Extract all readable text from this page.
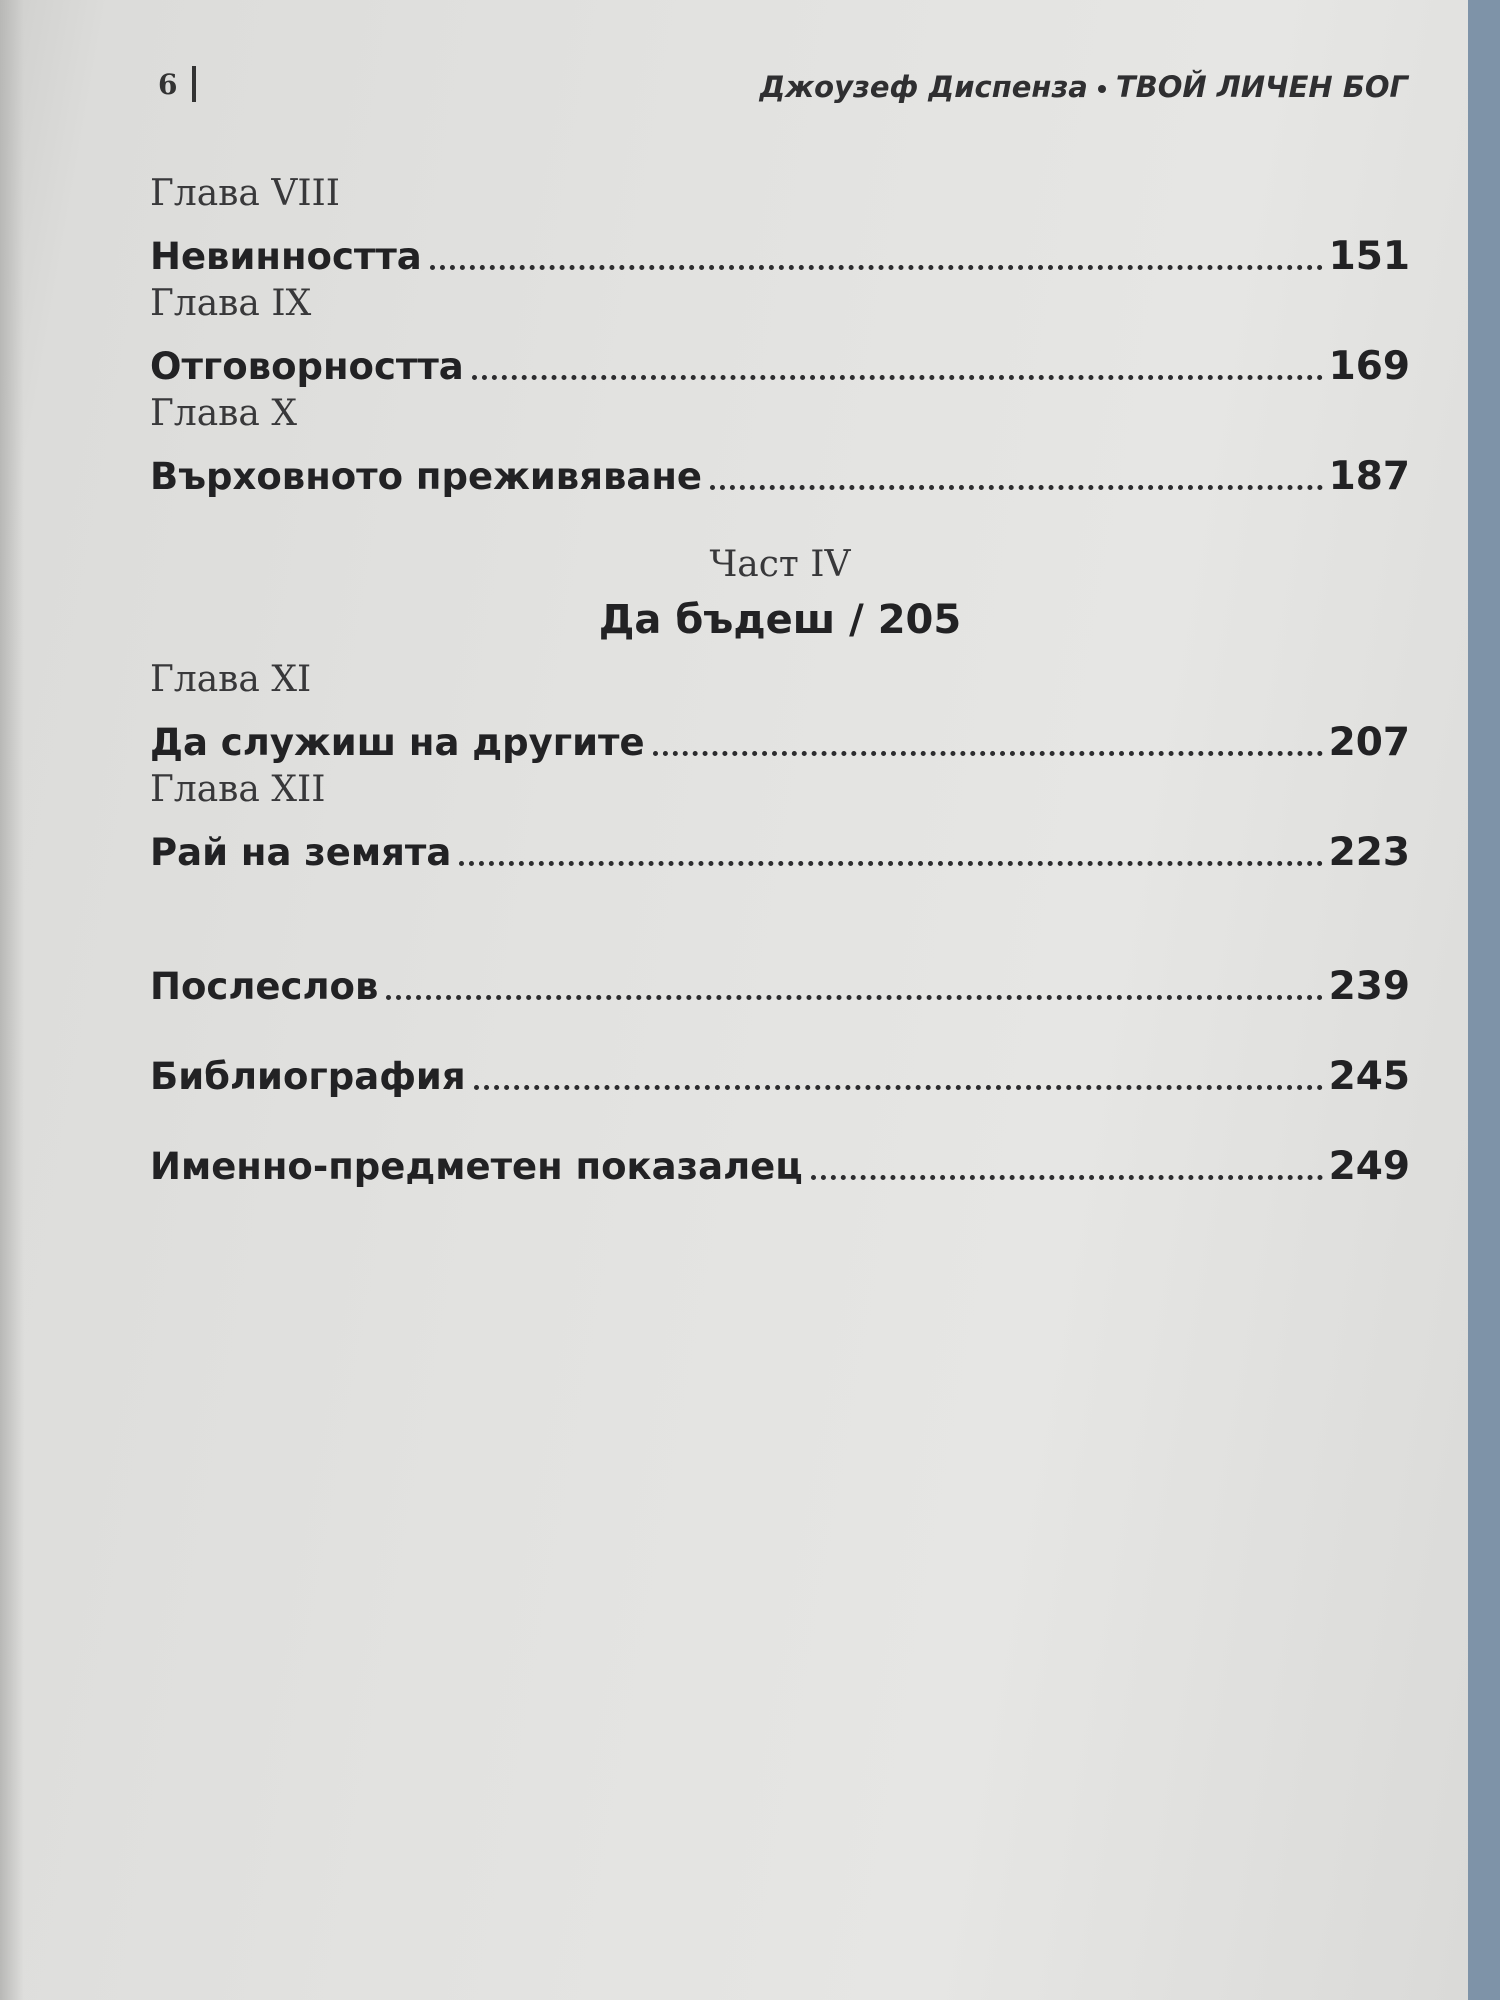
6	Джоузеф Диспенза ТВОЙ ЛИЧЕН БОГ
Глава VIII
Невинността	151
Глава IX
Отговорността	169
Глава X
Върховното преживяване	187
Част IV
Да бъдеш / 205
Глава XI
Да служиш на другите	207
Глава XII
Рай на земята	223
Послеслов	239
Библиография	245
Именно-предметен показалец	249
